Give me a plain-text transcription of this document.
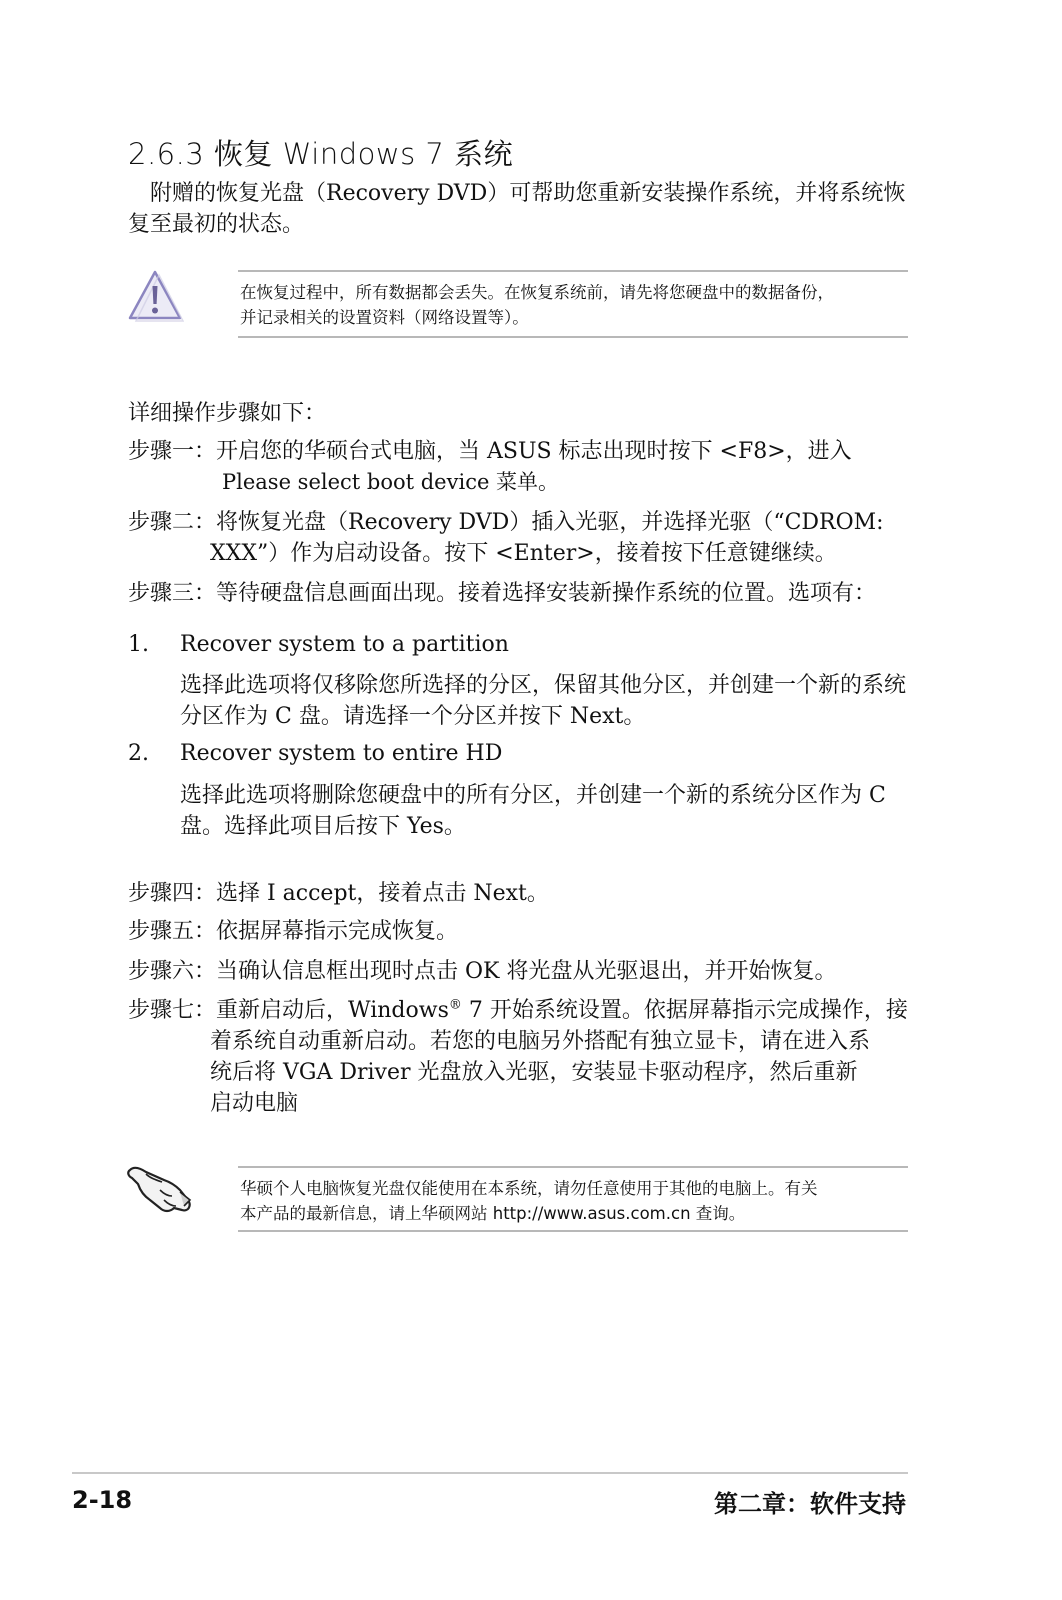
2.6.3 恢复 Windows 7 系统
附赠的恢复光盘（Recovery DVD）可帮助您重新安装操作系统，并将系统恢复至最初的状态。
在恢复过程中，所有数据都会丢失。在恢复系统前，请先将您硬盘中的数据备份，
并记录相关的设置资料（网络设置等）。
详细操作步骤如下：
步骤一：开启您的华硕台式电脑，当 ASUS 标志出现时按下 <F8>，进入
Please select boot device 菜单。
步骤二：将恢复光盘（Recovery DVD）插入光驱，并选择光驱（“CDROM:
XXX”）作为启动设备。按下 <Enter>，接着按下任意键继续。
步骤三：等待硬盘信息画面出现。接着选择安装新操作系统的位置。选项有：
1. Recover system to a partition
选择此选项将仅移除您所选择的分区，保留其他分区，并创建一个新的系统分区作为 C 盘。请选择一个分区并按下 Next。
2. Recover system to entire HD
选择此选项将删除您硬盘中的所有分区，并创建一个新的系统分区作为 C 盘。选择此项目后按下 Yes。
步骤四：选择 I accept，接着点击 Next。
步骤五：依据屏幕指示完成恢复。
步骤六：当确认信息框出现时点击 OK 将光盘从光驱退出，并开始恢复。
步骤七：重新启动后，Windows® 7 开始系统设置。依据屏幕指示完成操作，接
着系统自动重新启动。若您的电脑另外搭配有独立显卡，请在进入系
统后将 VGA Driver 光盘放入光驱，安装显卡驱动程序，然后重新
启动电脑
华硕个人电脑恢复光盘仅能使用在本系统，请勿任意使用于其他的电脑上。有关
本产品的最新信息，请上华硕网站 http://www.asus.com.cn 查询。
2-18	第二章：软件支持
